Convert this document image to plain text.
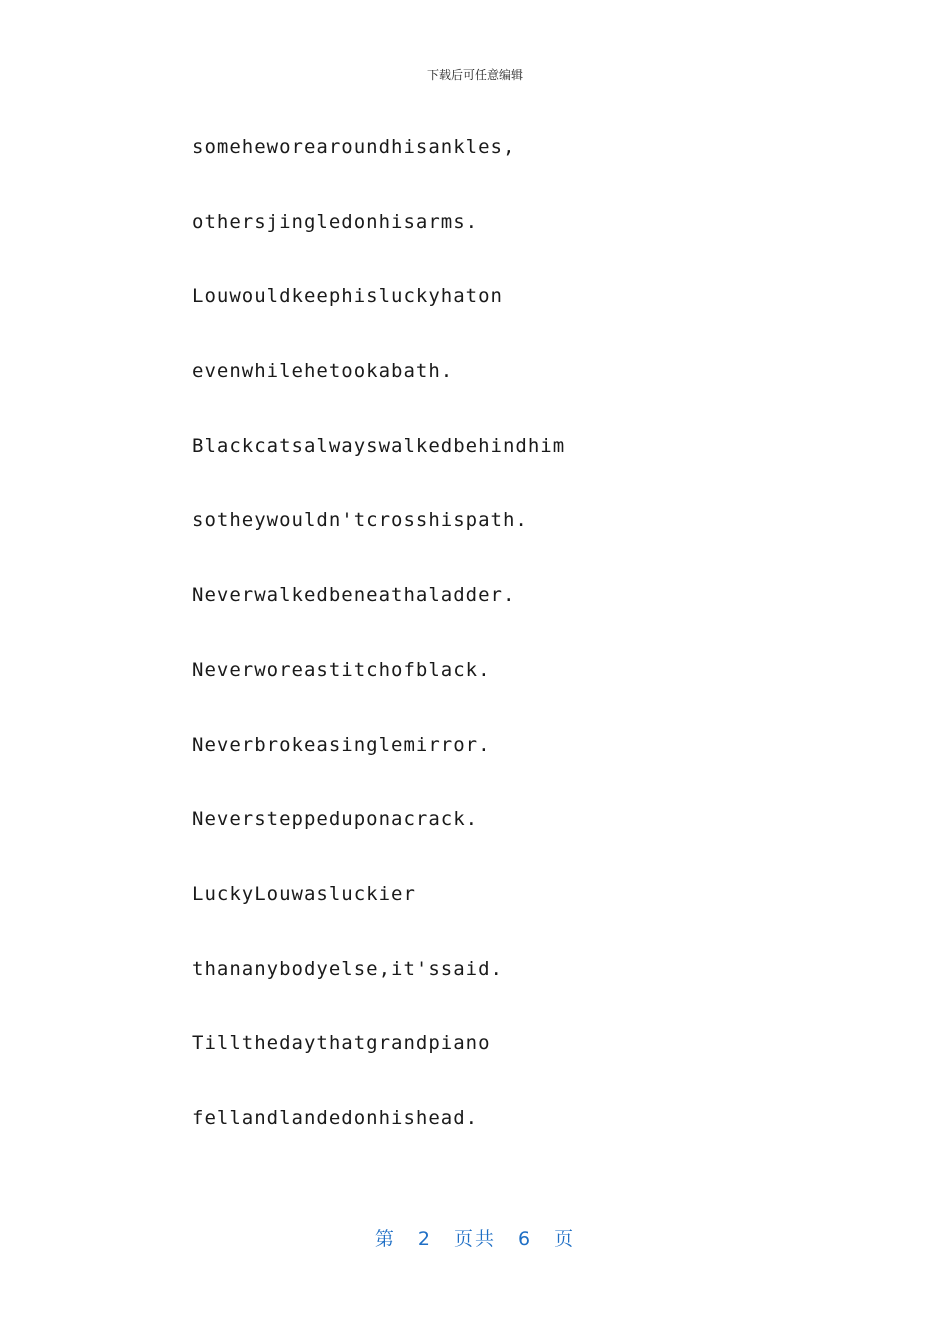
下载后可任意编辑
someheworearoundhisankles,
othersjingledonhisarms.
Louwouldkeephisluckyhaton
evenwhilehetookabath.
Blackcatsalwayswalkedbehindhim
sotheywouldn'tcrosshispath.
Neverwalkedbeneathaladder.
Neverworeastitchofblack.
Neverbrokeasinglemirror.
Neversteppeduponacrack.
LuckyLouwasluckier
thananybodyelse,it'ssaid.
Tillthedaythatgrandpiano
fellandlandedonhishead.
第 2 页共 6 页
